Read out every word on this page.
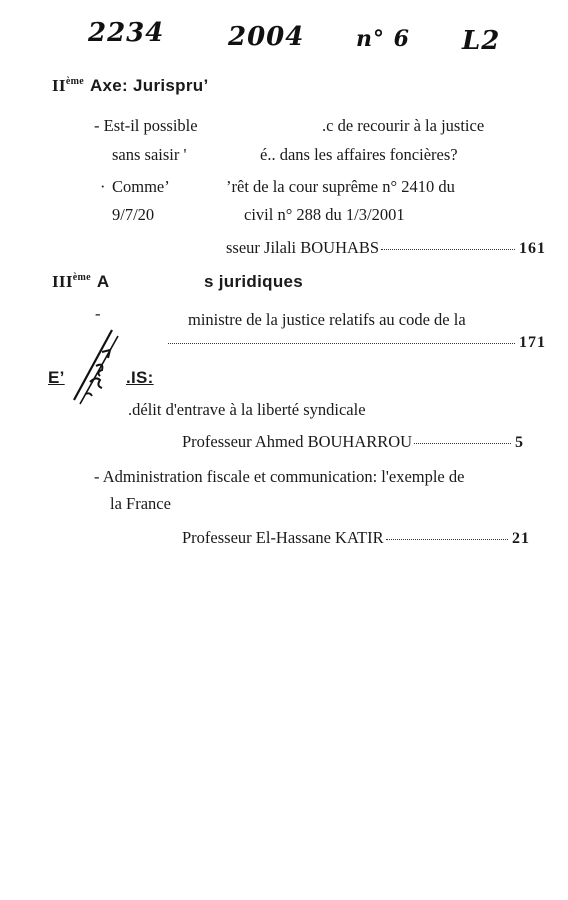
2234 2004 n° 6 L2
IIème Axe: Jurispru’
- Est-il possible	.c de recourir à la justice
sans saisir '	é.. dans les affaires foncières?
· Comme’	’rêt de la cour suprême n° 2410 du
9/7/20	civil n° 288 du 1/3/2001
sseur Jilali BOUHABS	161
IIIème A	s juridiques
-	ministre de la justice relatifs au code de la
171
E’	.IS:
.délit d'entrave à la liberté syndicale
Professeur Ahmed BOUHARROU	5
- Administration fiscale et communication: l'exemple de
la France
Professeur El-Hassane KATIR	21
